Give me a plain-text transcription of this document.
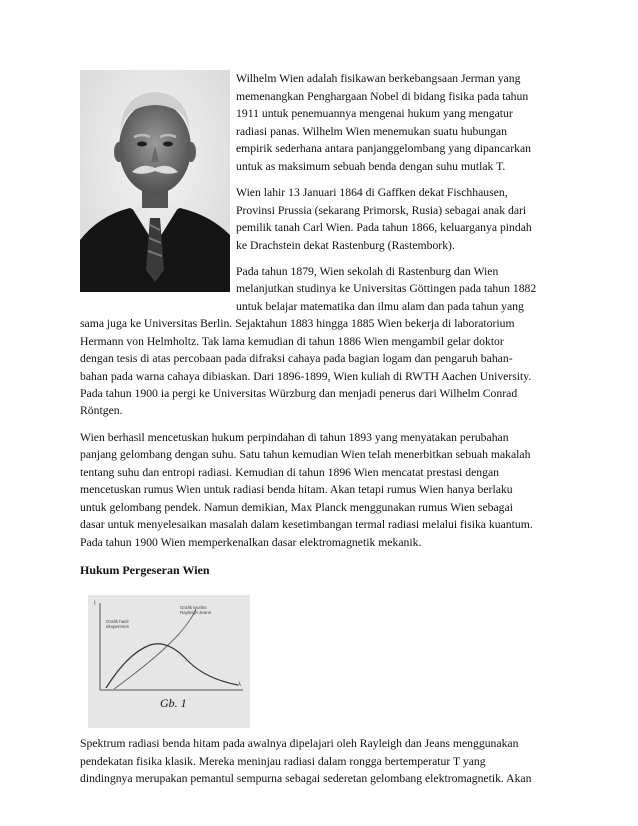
Wilhelm Wien adalah fisikawan berkebangsaan Jerman yang
memenangkan Penghargaan Nobel di bidang fisika pada tahun
1911 untuk penemuannya mengenai hukum yang mengatur
radiasi panas. Wilhelm Wien menemukan suatu hubungan
empirik sederhana antara panjanggelombang yang dipancarkan
untuk as maksimum sebuah benda dengan suhu mutlak T.
Wien lahir 13 Januari 1864 di Gaffken dekat Fischhausen,
Provinsi Prussia (sekarang Primorsk, Rusia) sebagai anak dari
pemilik tanah Carl Wien. Pada tahun 1866, keluarganya pindah
ke Drachstein dekat Rastenburg (Rastembork).
Pada tahun 1879, Wien sekolah di Rastenburg dan Wien
melanjutkan studinya ke Universitas Göttingen pada tahun 1882
untuk belajar matematika dan ilmu alam dan pada tahun yang
sama juga ke Universitas Berlin. Sejaktahun 1883 hingga 1885 Wien bekerja di laboratorium
Hermann von Helmholtz. Tak lama kemudian di tahun 1886 Wien mengambil gelar doktor
dengan tesis di atas percobaan pada difraksi cahaya pada bagian logam dan pengaruh bahan-
bahan pada warna cahaya dibiaskan. Dari 1896-1899, Wien kuliah di RWTH Aachen University.
Pada tahun 1900 ia pergi ke Universitas Würzburg dan menjadi penerus dari Wilhelm Conrad
Röntgen.
Wien berhasil mencetuskan hukum perpindahan di tahun 1893 yang menyatakan perubahan
panjang gelombang dengan suhu. Satu tahun kemudian Wien telah menerbitkan sebuah makalah
tentang suhu dan entropi radiasi. Kemudian di tahun 1896 Wien mencatat prestasi dengan
mencetuskan rumus Wien untuk radiasi benda hitam. Akan tetapi rumus Wien hanya berlaku
untuk gelombang pendek. Namun demikian, Max Planck menggunakan rumus Wien sebagai
dasar untuk menyelesaikan masalah dalam kesetimbangan termal radiasi melalui fisika kuantum.
Pada tahun 1900 Wien memperkenalkan dasar elektromagnetik mekanik.
Hukum Pergeseran Wien
I
λ
Grafik teoritis
Rayleigh-Jeans
Grafik hasil
eksperimen
Gb. 1
Spektrum radiasi benda hitam pada awalnya dipelajari oleh Rayleigh dan Jeans menggunakan
pendekatan fisika klasik. Mereka meninjau radiasi dalam rongga bertemperatur T yang
dindingnya merupakan pemantul sempurna sebagai sederetan gelombang elektromagnetik. Akan
